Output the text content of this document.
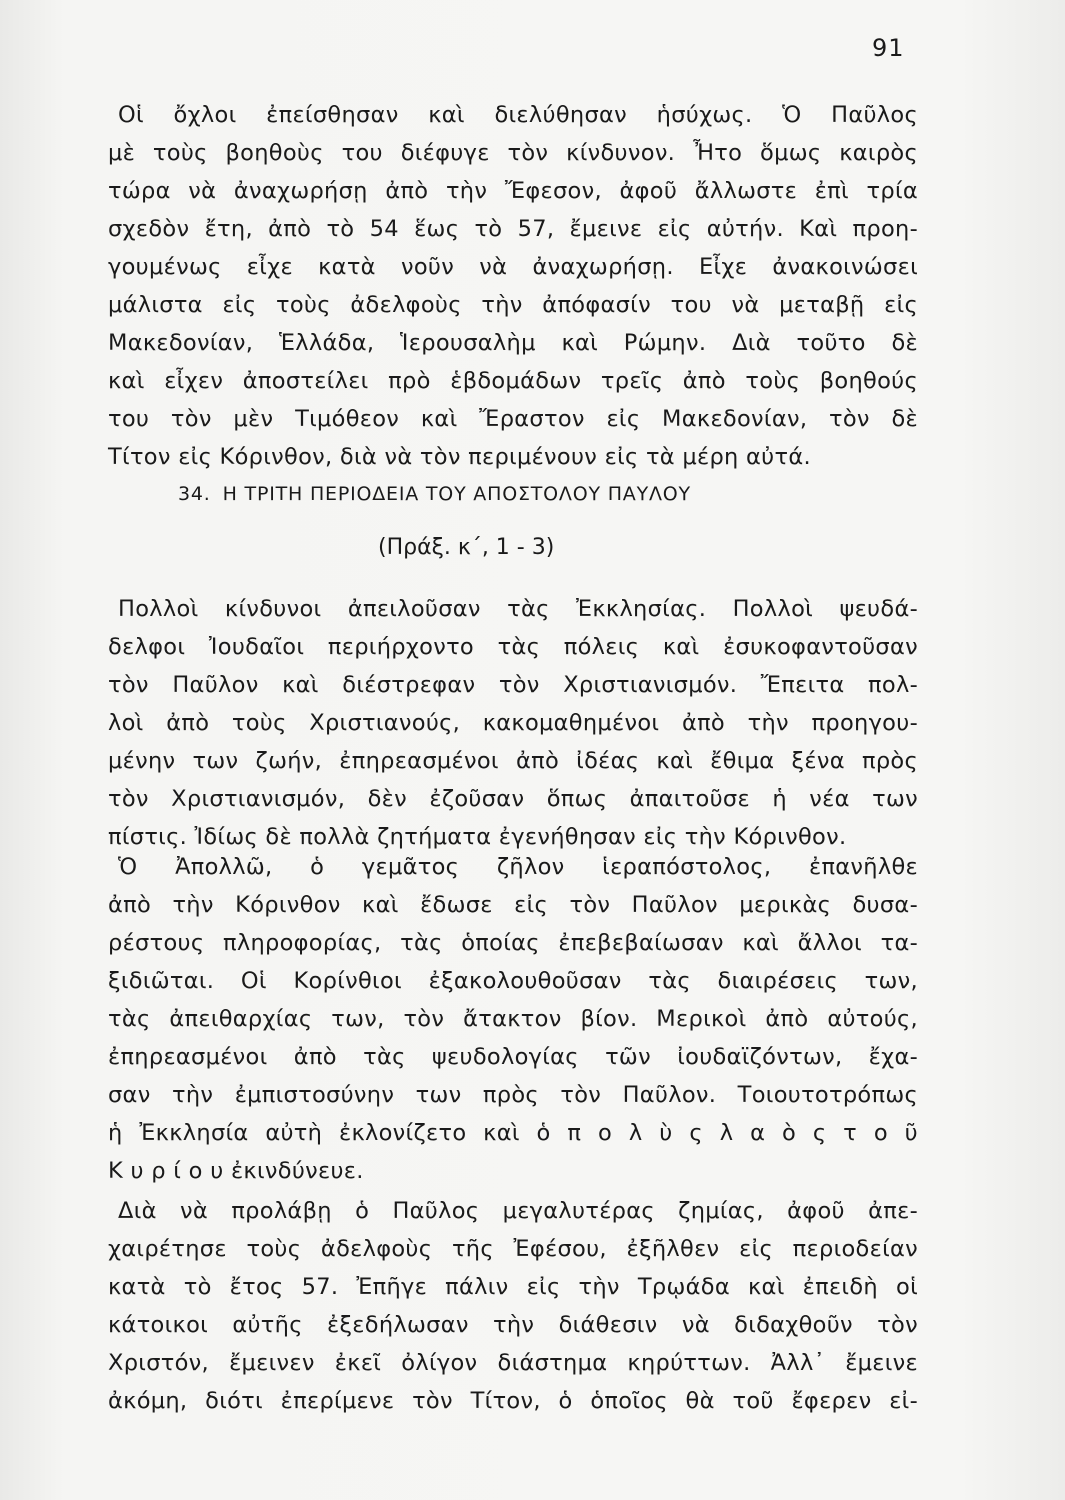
91
Οἱ ὄχλοι ἐπείσθησαν καὶ διελύθησαν ἡσύχως. Ὁ Παῦλος
μὲ τοὺς βοηθοὺς του διέφυγε τὸν κίνδυνον. Ἦτο ὅμως καιρὸς
τώρα νὰ ἀναχωρήσῃ ἀπὸ τὴν Ἔφεσον, ἀφοῦ ἄλλωστε ἐπὶ τρία
σχεδὸν ἔτη, ἀπὸ τὸ 54 ἕως τὸ 57, ἔμεινε εἰς αὐτήν. Καὶ προη-
γουμένως εἶχε κατὰ νοῦν νὰ ἀναχωρήσῃ. Εἶχε ἀνακοινώσει
μάλιστα εἰς τοὺς ἀδελφοὺς τὴν ἀπόφασίν του νὰ μεταβῇ εἰς
Μακεδονίαν, Ἑλλάδα, Ἱερουσαλὴμ καὶ Ρώμην. Διὰ τοῦτο δὲ
καὶ εἶχεν ἀποστείλει πρὸ ἑβδομάδων τρεῖς ἀπὸ τοὺς βοηθούς
του τὸν μὲν Τιμόθεον καὶ Ἔραστον εἰς Μακεδονίαν, τὸν δὲ
Τίτον εἰς Κόρινθον, διὰ νὰ τὸν περιμένουν εἰς τὰ μέρη αὐτά.
34. Η ΤΡΙΤΗ ΠΕΡΙΟΔΕΙΑ ΤΟΥ ΑΠΟΣΤΟΛΟΥ ΠΑΥΛΟΥ
(Πράξ. κ΄, 1 - 3)
Πολλοὶ κίνδυνοι ἀπειλοῦσαν τὰς Ἐκκλησίας. Πολλοὶ ψευδά-
δελφοι Ἰουδαῖοι περιήρχοντο τὰς πόλεις καὶ ἐσυκοφαντοῦσαν
τὸν Παῦλον καὶ διέστρεφαν τὸν Χριστιανισμόν. Ἔπειτα πολ-
λοὶ ἀπὸ τοὺς Χριστιανούς, κακομαθημένοι ἀπὸ τὴν προηγου-
μένην των ζωήν, ἐπηρεασμένοι ἀπὸ ἰδέας καὶ ἔθιμα ξένα πρὸς
τὸν Χριστιανισμόν, δὲν ἐζοῦσαν ὅπως ἀπαιτοῦσε ἡ νέα των
πίστις. Ἰδίως δὲ πολλὰ ζητήματα ἐγενήθησαν εἰς τὴν Κόρινθον.
Ὁ Ἀπολλῶ, ὁ γεμᾶτος ζῆλον ἱεραπόστολος, ἐπανῆλθε
ἀπὸ τὴν Κόρινθον καὶ ἔδωσε εἰς τὸν Παῦλον μερικὰς δυσα-
ρέστους πληροφορίας, τὰς ὁποίας ἐπεβεβαίωσαν καὶ ἄλλοι τα-
ξιδιῶται. Οἱ Κορίνθιοι ἐξακολουθοῦσαν τὰς διαιρέσεις των,
τὰς ἀπειθαρχίας των, τὸν ἄτακτον βίον. Μερικοὶ ἀπὸ αὐτούς,
ἐπηρεασμένοι ἀπὸ τὰς ψευδολογίας τῶν ἰουδαϊζόντων, ἔχα-
σαν τὴν ἐμπιστοσύνην των πρὸς τὸν Παῦλον. Τοιουτοτρόπως
ἡ Ἐκκλησία αὐτὴ ἐκλονίζετο καὶ ὁ π ο λ ὺ ς λ α ὸ ς τ ο ῦ
Κ υ ρ ί ο υ ἐκινδύνευε.
Διὰ νὰ προλάβῃ ὁ Παῦλος μεγαλυτέρας ζημίας, ἀφοῦ ἀπε-
χαιρέτησε τοὺς ἀδελφοὺς τῆς Ἐφέσου, ἐξῆλθεν εἰς περιοδείαν
κατὰ τὸ ἔτος 57. Ἐπῆγε πάλιν εἰς τὴν Τρῳάδα καὶ ἐπειδὴ οἱ
κάτοικοι αὐτῆς ἐξεδήλωσαν τὴν διάθεσιν νὰ διδαχθοῦν τὸν
Χριστόν, ἔμεινεν ἐκεῖ ὀλίγον διάστημα κηρύττων. Ἀλλ᾽ ἔμεινε
ἀκόμη, διότι ἐπερίμενε τὸν Τίτον, ὁ ὁποῖος θὰ τοῦ ἔφερεν εἰ-
